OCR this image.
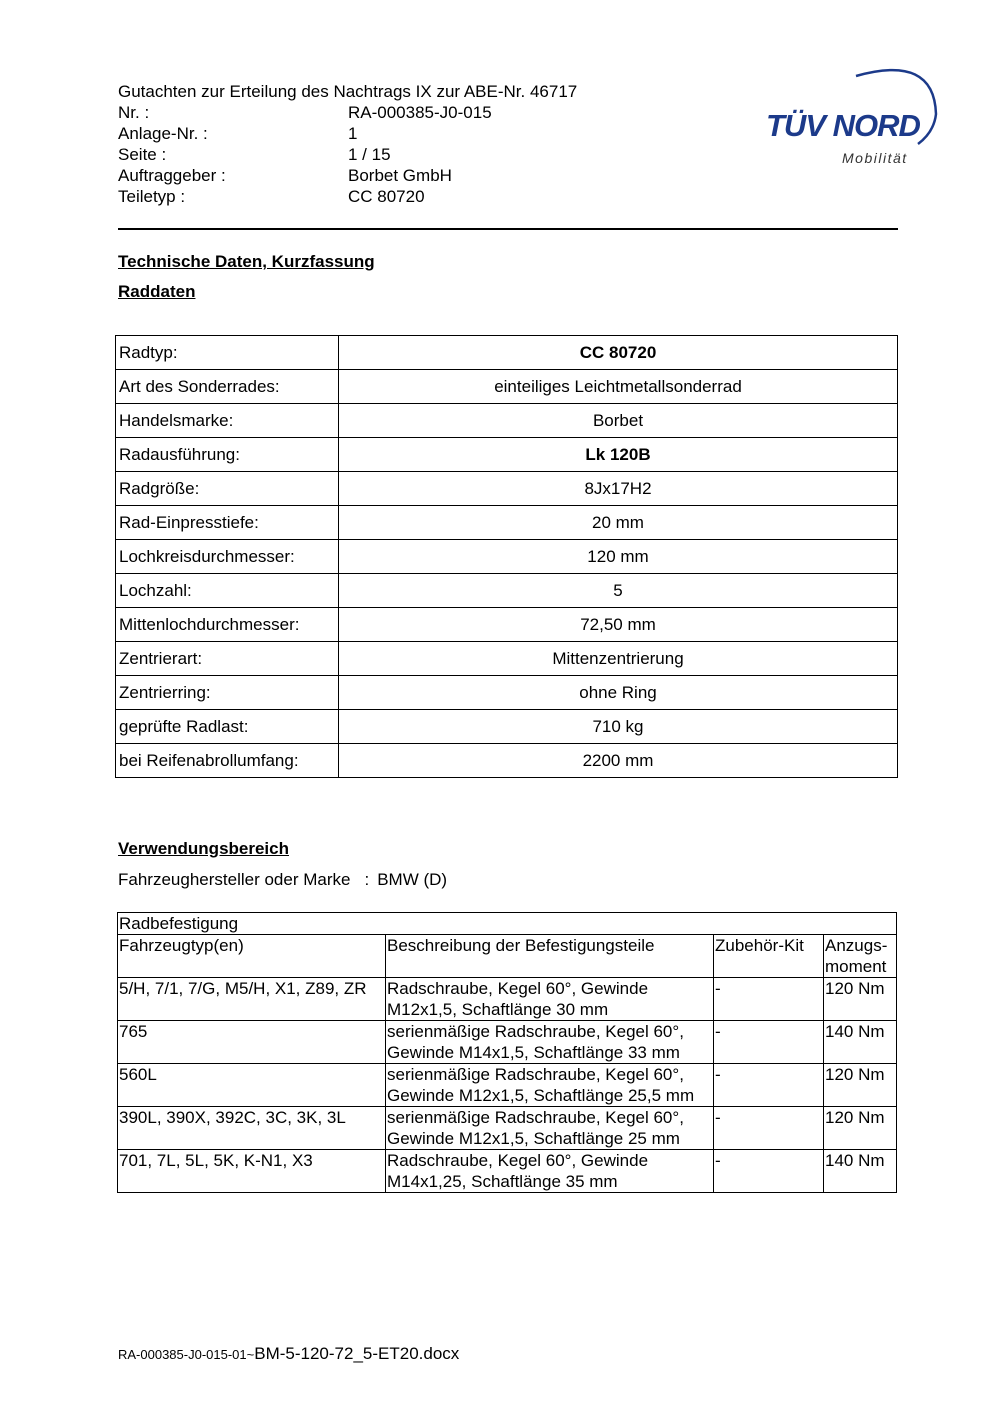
Gutachten zur Erteilung des Nachtrags IX zur ABE-Nr. 46717
Nr. :	RA-000385-J0-015
Anlage-Nr. :	1
Seite :	1 / 15
Auftraggeber :	Borbet GmbH
Teiletyp :	CC 80720
TÜV NORD
Mobilität
Technische Daten, Kurzfassung
Raddaten
Radtyp:	CC 80720
Art des Sonderrades:	einteiliges Leichtmetallsonderrad
Handelsmarke:	Borbet
Radausführung:	Lk 120B
Radgröße:	8Jx17H2
Rad-Einpresstiefe:	20 mm
Lochkreisdurchmesser:	120 mm
Lochzahl:	5
Mittenlochdurchmesser:	72,50 mm
Zentrierart:	Mittenzentrierung
Zentrierring:	ohne Ring
geprüfte Radlast:	710 kg
bei Reifenabrollumfang:	2200 mm
Verwendungsbereich
Fahrzeughersteller oder Marke : BMW (D)
Radbefestigung			
Fahrzeugtyp(en)	Beschreibung der Befestigungsteile	Zubehör-Kit	Anzugs-moment
5/H, 7/1, 7/G, M5/H, X1, Z89, ZR	Radschraube, Kegel 60°, Gewinde M12x1,5, Schaftlänge 30 mm	-	120 Nm
765	serienmäßige Radschraube, Kegel 60°, Gewinde M14x1,5, Schaftlänge 33 mm	-	140 Nm
560L	serienmäßige Radschraube, Kegel 60°, Gewinde M12x1,5, Schaftlänge 25,5 mm	-	120 Nm
390L, 390X, 392C, 3C, 3K, 3L	serienmäßige Radschraube, Kegel 60°, Gewinde M12x1,5, Schaftlänge 25 mm	-	120 Nm
701, 7L, 5L, 5K, K-N1, X3	Radschraube, Kegel 60°, Gewinde M14x1,25, Schaftlänge 35 mm	-	140 Nm
RA-000385-J0-015-01~BM-5-120-72_5-ET20.docx
